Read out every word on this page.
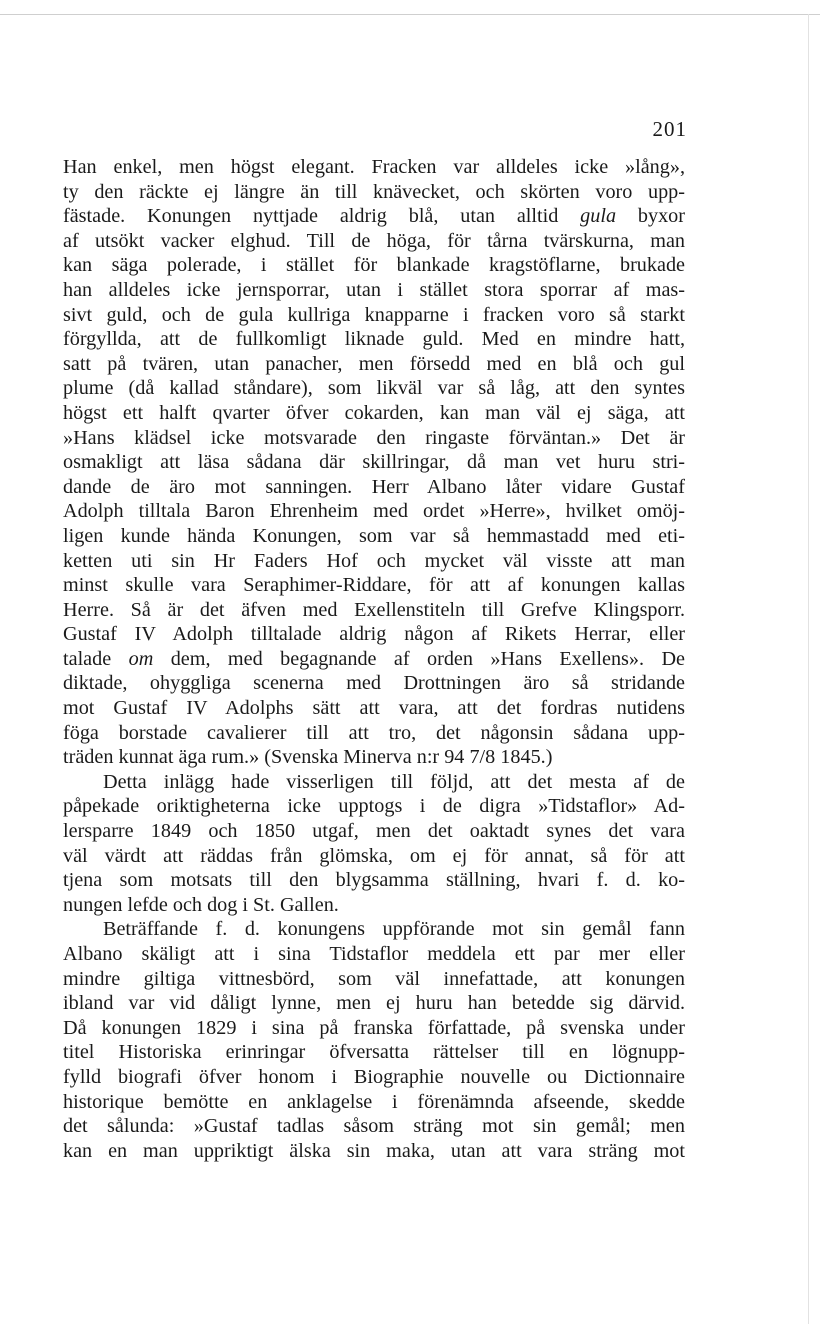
201
Han enkel, men högst elegant. Fracken var alldeles icke »lång»,
ty den räckte ej längre än till knävecket, och skörten voro upp-
fästade. Konungen nyttjade aldrig blå, utan alltid gula byxor
af utsökt vacker elghud. Till de höga, för tårna tvärskurna, man
kan säga polerade, i stället för blankade kragstöflarne, brukade
han alldeles icke jernsporrar, utan i stället stora sporrar af mas-
sivt guld, och de gula kullriga knapparne i fracken voro så starkt
förgyllda, att de fullkomligt liknade guld. Med en mindre hatt,
satt på tvären, utan panacher, men försedd med en blå och gul
plume (då kallad ståndare), som likväl var så låg, att den syntes
högst ett halft qvarter öfver cokarden, kan man väl ej säga, att
»Hans klädsel icke motsvarade den ringaste förväntan.» Det är
osmakligt att läsa sådana där skillringar, då man vet huru stri-
dande de äro mot sanningen. Herr Albano låter vidare Gustaf
Adolph tilltala Baron Ehrenheim med ordet »Herre», hvilket omöj-
ligen kunde hända Konungen, som var så hemmastadd med eti-
ketten uti sin Hr Faders Hof och mycket väl visste att man
minst skulle vara Seraphimer-Riddare, för att af konungen kallas
Herre. Så är det äfven med Exellenstiteln till Grefve Klingsporr.
Gustaf IV Adolph tilltalade aldrig någon af Rikets Herrar, eller
talade om dem, med begagnande af orden »Hans Exellens». De
diktade, ohyggliga scenerna med Drottningen äro så stridande
mot Gustaf IV Adolphs sätt att vara, att det fordras nutidens
föga borstade cavalierer till att tro, det någonsin sådana upp-
träden kunnat äga rum.» (Svenska Minerva n:r 94 7/8 1845.)
Detta inlägg hade visserligen till följd, att det mesta af de
påpekade oriktigheterna icke upptogs i de digra »Tidstaflor» Ad-
lersparre 1849 och 1850 utgaf, men det oaktadt synes det vara
väl värdt att räddas från glömska, om ej för annat, så för att
tjena som motsats till den blygsamma ställning, hvari f. d. ko-
nungen lefde och dog i St. Gallen.
Beträffande f. d. konungens uppförande mot sin gemål fann
Albano skäligt att i sina Tidstaflor meddela ett par mer eller
mindre giltiga vittnesbörd, som väl innefattade, att konungen
ibland var vid dåligt lynne, men ej huru han betedde sig därvid.
Då konungen 1829 i sina på franska författade, på svenska under
titel Historiska erinringar öfversatta rättelser till en lögnupp-
fylld biografi öfver honom i Biographie nouvelle ou Dictionnaire
historique bemötte en anklagelse i förenämnda afseende, skedde
det sålunda: »Gustaf tadlas såsom sträng mot sin gemål; men
kan en man uppriktigt älska sin maka, utan att vara sträng mot
